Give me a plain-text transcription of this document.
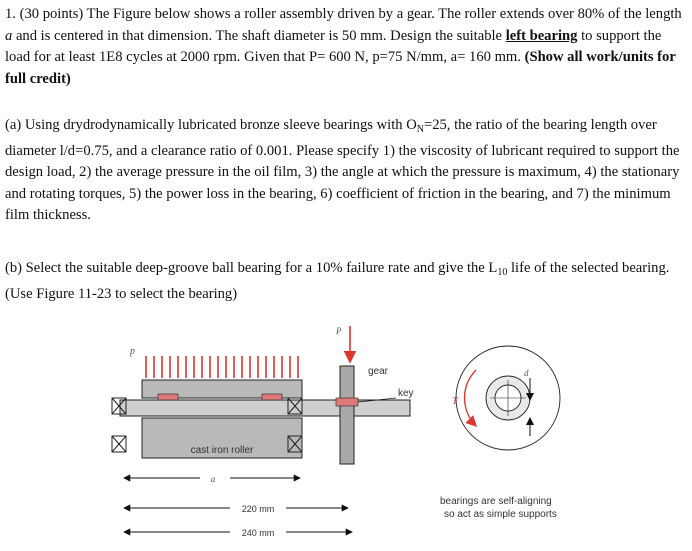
1. (30 points) The Figure below shows a roller assembly driven by a gear. The roller extends over 80% of the length a and is centered in that dimension. The shaft diameter is 50 mm. Design the suitable left bearing to support the load for at least 1E8 cycles at 2000 rpm. Given that P= 600 N, p=75 N/mm, a= 160 mm. (Show all work/units for full credit)
(a) Using drydrodynamically lubricated bronze sleeve bearings with $O_N=25$, the ratio of the bearing length over diameter l/d=0.75, and a clearance ratio of 0.001. Please specify 1) the viscosity of lubricant required to support the design load, 2) the average pressure in the oil film, 3) the angle at which the pressure is maximum, 4) the stationary and rotating torques, 5) the power loss in the bearing, 6) coefficient of friction in the bearing, and 7) the minimum film thickness.
(b) Select the suitable deep-groove ball bearing for a 10% failure rate and give the $L_{10}$ life of the selected bearing. (Use Figure 11-23 to select the bearing)
p
cast iron roller
gear
P
key
a
220 mm
240 mm
T
d
bearings are self-aligning
so act as simple supports
